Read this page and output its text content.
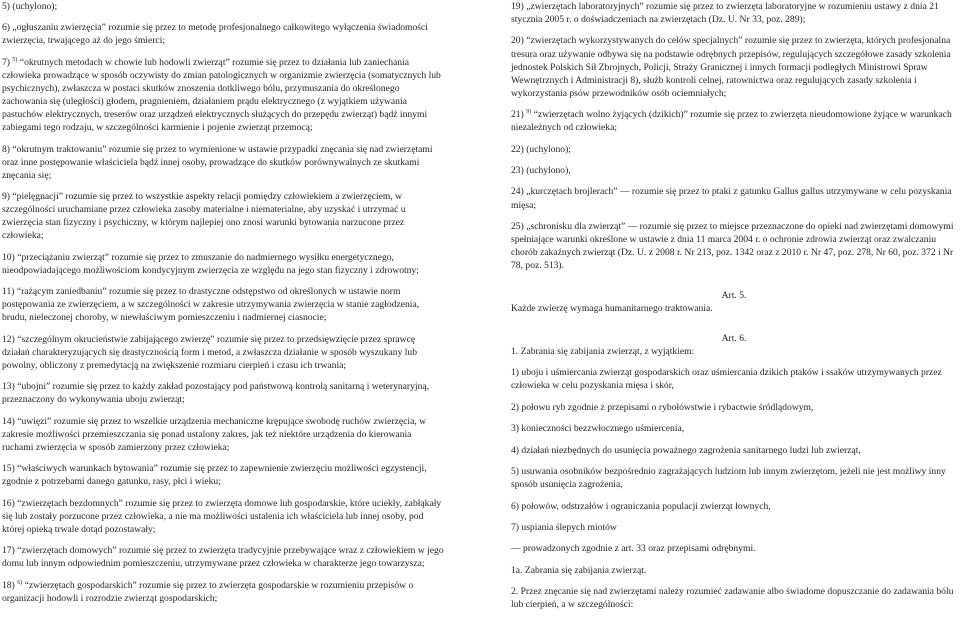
5) (uchylono);

6) „ogłuszaniu zwierzęcia” rozumie się przez to metodę profesjonalnego całkowitego wyłączenia świadomości zwierzęcia, trwającego aż do jego śmierci;

7) $^{5)}$ “okrutnych metodach w chowie lub hodowli zwierząt” rozumie się przez to działania lub zaniechania człowieka prowadzące w sposób oczywisty do zmian patologicznych w organizmie zwierzęcia (somatycznych lub psychicznych), zwłaszcza w postaci skutków znoszenia dotkliwego bólu, przymuszania do określonego zachowania się (uległości) głodem, pragnieniem, działaniem prądu elektrycznego (z wyjątkiem używania pastuchów elektrycznych, treserów oraz urządzeń elektrycznych służących do przepędu zwierząt) bądź innymi zabiegami tego rodzaju, w szczególności karmienie i pojenie zwierząt przemocą;

8) “okrutnym traktowaniu” rozumie się przez to wymienione w ustawie przypadki znęcania się nad zwierzętami oraz inne postępowanie właściciela bądź innej osoby, prowadzące do skutków porównywalnych ze skutkami znęcania się;

9) “pielęgnacji” rozumie się przez to wszystkie aspekty relacji pomiędzy człowiekiem a zwierzęciem, w szczególności uruchamiane przez człowieka zasoby materialne i niematerialne, aby uzyskać i utrzymać u zwierzęcia stan fizyczny i psychiczny, w którym najlepiej ono znosi warunki bytowania narzucone przez człowieka;

10) “przeciążaniu zwierząt” rozumie się przez to zmuszanie do nadmiernego wysiłku energetycznego, nieodpowiadającego możliwościom kondycyjnym zwierzęcia ze względu na jego stan fizyczny i zdrowotny;

11) “rażącym zaniedbaniu” rozumie się przez to drastyczne odstępstwo od określonych w ustawie norm postępowania ze zwierzęciem, a w szczególności w zakresie utrzymywania zwierzęcia w stanie zagłodzenia, brudu, nieleczonej choroby, w niewłaściwym pomieszczeniu i nadmiernej ciasnocie;

12) “szczególnym okrucieństwie zabijającego zwierzę” rozumie się przez to przedsięwzięcie przez sprawcę działań charakteryzujących się drastycznością form i metod, a zwłaszcza działanie w sposób wyszukany lub powolny, obliczony z premedytacją na zwiększenie rozmiaru cierpień i czasu ich trwania;

13) “ubojni” rozumie się przez to każdy zakład pozostający pod państwową kontrolą sanitarną i weterynaryjną, przeznaczony do wykonywania uboju zwierząt;

14) “uwięzi” rozumie się przez to wszelkie urządzenia mechaniczne krępujące swobodę ruchów zwierzęcia, w zakresie możliwości przemieszczania się ponad ustalony zakres, jak też niektóre urządzenia do kierowania ruchami zwierzęcia w sposób zamierzony przez człowieka;

15) “właściwych warunkach bytowania” rozumie się przez to zapewnienie zwierzęciu możliwości egzystencji, zgodnie z potrzebami danego gatunku, rasy, płci i wieku;

16) “zwierzętach bezdomnych” rozumie się przez to zwierzęta domowe lub gospodarskie, które uciekły, zabłąkały się lub zostały porzucone przez człowieka, a nie ma możliwości ustalenia ich właściciela lub innej osoby, pod której opieką trwale dotąd pozostawały;

17) “zwierzętach domowych” rozumie się przez to zwierzęta tradycyjnie przebywające wraz z człowiekiem w jego domu lub innym odpowiednim pomieszczeniu, utrzymywane przez człowieka w charakterze jego towarzysza;

18) $^{6)}$ “zwierzętach gospodarskich” rozumie się przez to zwierzęta gospodarskie w rozumieniu przepisów o organizacji hodowli i rozrodzie zwierząt gospodarskich;

19) „zwierzętach laboratoryjnych” rozumie się przez to zwierzęta laboratoryjne w rozumieniu ustawy z dnia 21 stycznia 2005 r. o doświadczeniach na zwierzętach (Dz. U. Nr 33, poz. 289);

20) “zwierzętach wykorzystywanych do celów specjalnych” rozumie się przez to zwierzęta, których profesjonalna tresura oraz używanie odbywa się na podstawie odrębnych przepisów, regulujących szczegółowe zasady szkolenia jednostek Polskich Sił Zbrojnych, Policji, Straży Granicznej i innych formacji podległych Ministrowi Spraw Wewnętrznych i Administracji 8), służb kontroli celnej, ratownictwa oraz regulujących zasady szkolenia i wykorzystania psów przewodników osób ociemniałych;

21) $^{9)}$ “zwierzętach wolno żyjących (dzikich)” rozumie się przez to zwierzęta nieudomowione żyjące w warunkach niezależnych od człowieka;

22) (uchylono);

23) (uchylono),

24) „kurczętach brojlerach” — rozumie się przez to ptaki z gatunku Gallus gallus utrzymywane w celu pozyskania mięsa;

25) „schronisku dla zwierząt” — rozumie się przez to miejsce przeznaczone do opieki nad zwierzętami domowymi spełniające warunki określone w ustawie z dnia 11 marca 2004 r. o ochronie zdrowia zwierząt oraz zwalczaniu chorób zakaźnych zwierząt (Dz. U. z 2008 r. Nr 213, poz. 1342 oraz z 2010 r. Nr 47, poz. 278, Nr 60, poz. 372 i Nr 78, poz. 513).

Art. 5.

Każde zwierzę wymaga humanitarnego traktowania.

Art. 6.

1. Zabrania się zabijania zwierząt, z wyjątkiem:

1) uboju i uśmiercania zwierząt gospodarskich oraz uśmiercania dzikich ptaków i ssaków utrzymywanych przez człowieka w celu pozyskania mięsa i skór,

2) połowu ryb zgodnie z przepisami o rybołówstwie i rybactwie śródlądowym,

3) konieczności bezzwłocznego uśmiercenia,

4) działań niezbędnych do usunięcia poważnego zagrożenia sanitarnego ludzi lub zwierząt,

5) usuwania osobników bezpośrednio zagrażających ludziom lub innym zwierzętom, jeżeli nie jest możliwy inny sposób usunięcia zagrożenia,

6) połowów, odstrzałów i ograniczania populacji zwierząt łownych,

7) uspiania ślepych miotów

— prowadzonych zgodnie z art. 33 oraz przepisami odrębnymi.

1a. Zabrania się zabijania zwierząt.

2. Przez znęcanie się nad zwierzętami należy rozumieć zadawanie albo świadome dopuszczanie do zadawania bólu lub cierpień, a w szczególności:
